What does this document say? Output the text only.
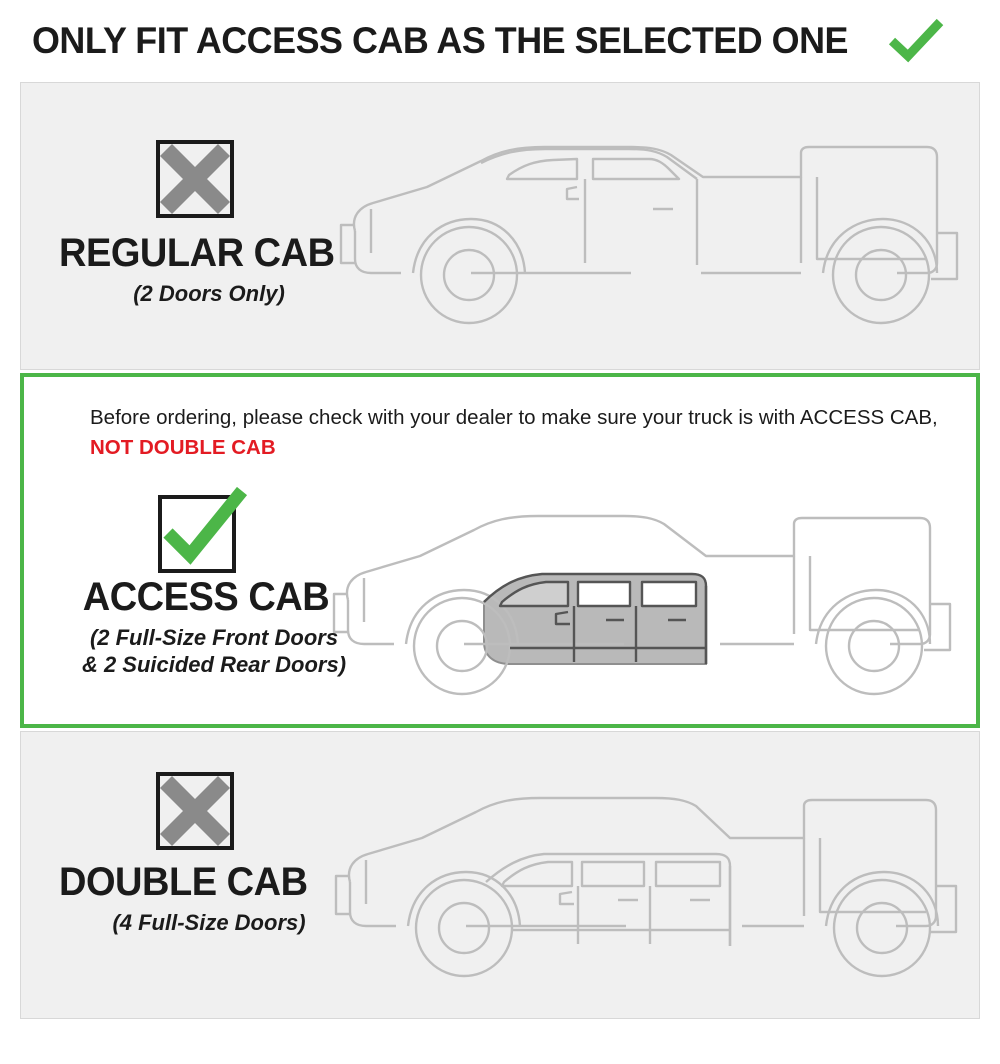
ONLY FIT ACCESS CAB AS THE SELECTED ONE
REGULAR CAB
(2 Doors Only)
Before ordering, please check with your dealer to make sure your truck is with ACCESS CAB, NOT DOUBLE CAB
ACCESS CAB
(2 Full-Size Front Doors
& 2 Suicided Rear Doors)
DOUBLE CAB
(4 Full-Size Doors)
